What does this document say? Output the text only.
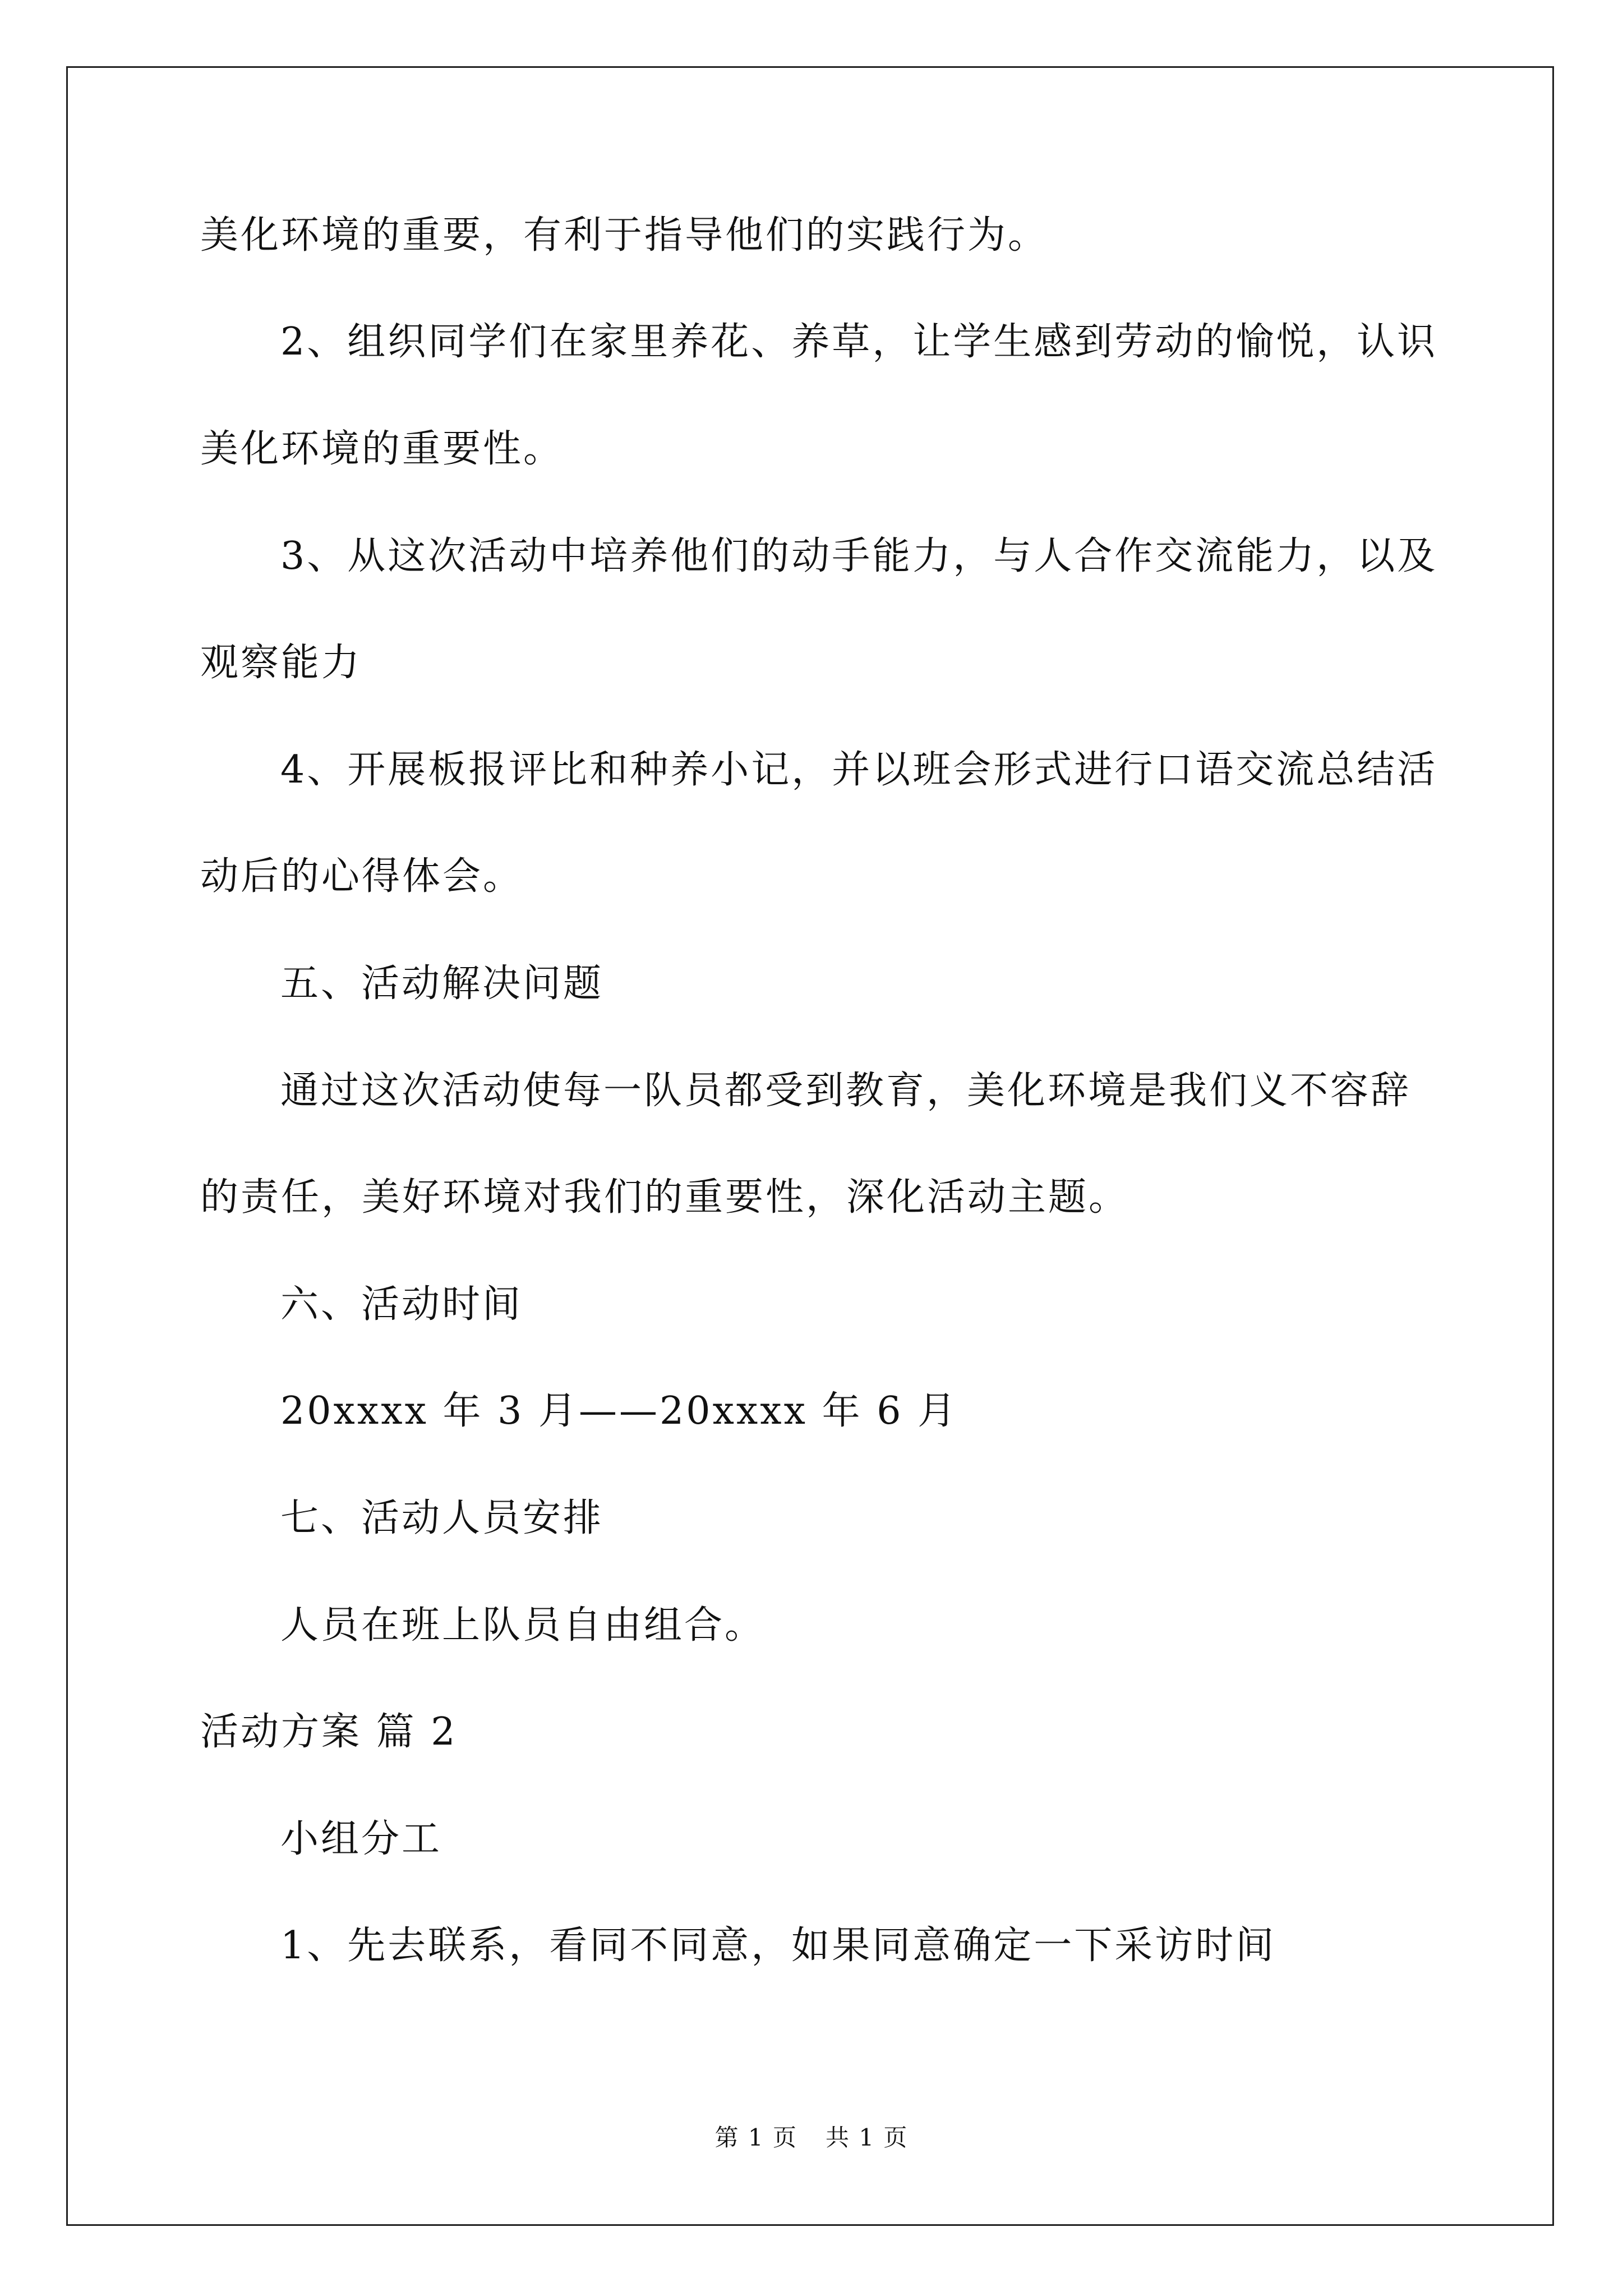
美化环境的重要，有利于指导他们的实践行为。
2、组织同学们在家里养花、养草，让学生感到劳动的愉悦，认识
美化环境的重要性。
3、从这次活动中培养他们的动手能力，与人合作交流能力，以及
观察能力
4、开展板报评比和种养小记，并以班会形式进行口语交流总结活
动后的心得体会。
五、活动解决问题
通过这次活动使每一队员都受到教育，美化环境是我们义不容辞
的责任，美好环境对我们的重要性，深化活动主题。
六、活动时间
20xxxx 年 3 月——20xxxx 年 6 月
七、活动人员安排
人员在班上队员自由组合。
活动方案 篇 2
小组分工
1、先去联系，看同不同意，如果同意确定一下采访时间
第 1 页 共 1 页
